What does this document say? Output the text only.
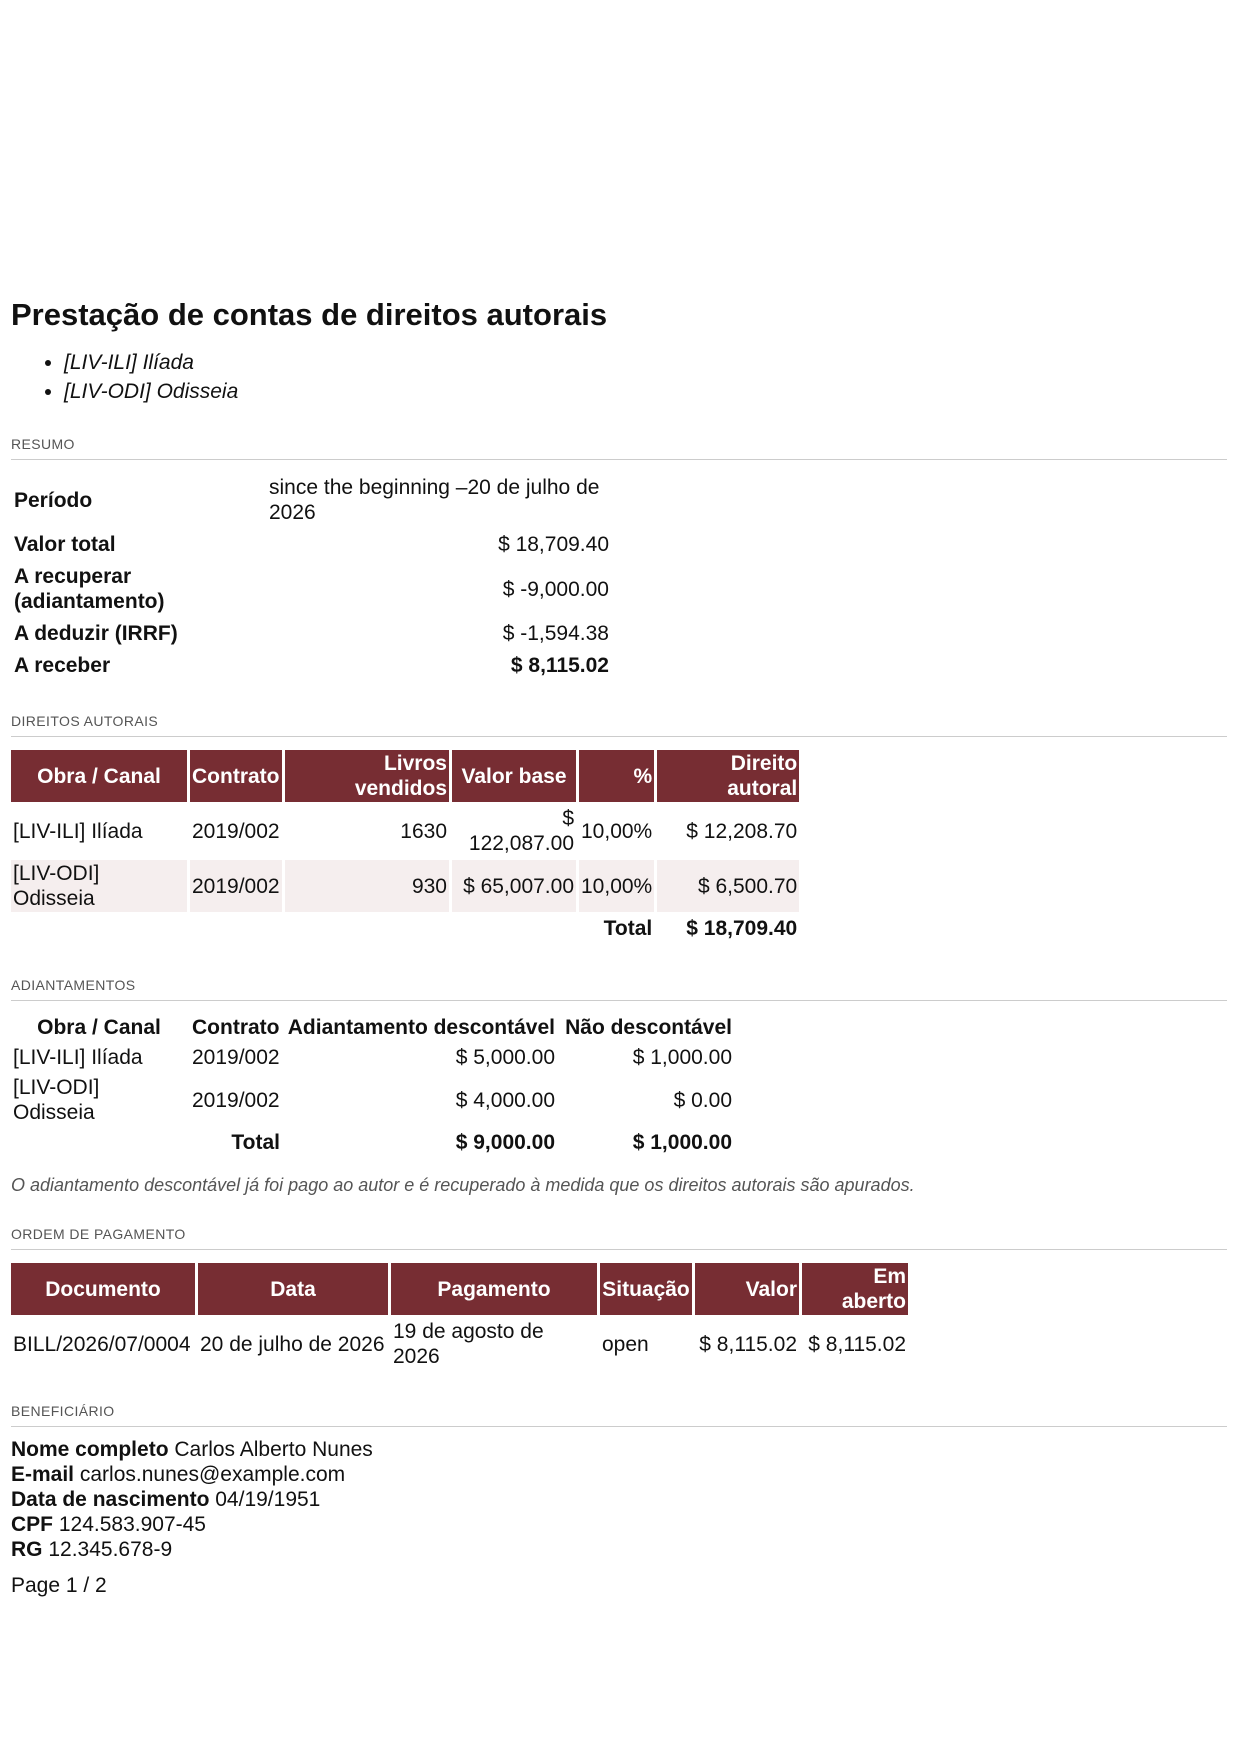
Prestação de contas de direitos autorais
• [LIV-ILI] Ilíada
• [LIV-ODI] Odisseia
RESUMO
Período	since the beginning –20 de julho de 2026
Valor total	$ 18,709.40
A recuperar (adiantamento)	$ -9,000.00
A deduzir (IRRF)	$ -1,594.38
A receber	$ 8,115.02
DIREITOS AUTORAIS
Obra / Canal	Contrato	Livros vendidos	Valor base	%	Direito autoral
[LIV-ILI] Ilíada	2019/002	1630	$ 122,087.00	10,00%	$ 12,208.70
[LIV-ODI] Odisseia	2019/002	930	$ 65,007.00	10,00%	$ 6,500.70
				Total	$ 18,709.40
ADIANTAMENTOS
Obra / Canal	Contrato	Adiantamento descontável	Não descontável
[LIV-ILI] Ilíada	2019/002	$ 5,000.00	$ 1,000.00
[LIV-ODI] Odisseia	2019/002	$ 4,000.00	$ 0.00
	Total	$ 9,000.00	$ 1,000.00
O adiantamento descontável já foi pago ao autor e é recuperado à medida que os direitos autorais são apurados.
ORDEM DE PAGAMENTO
Documento	Data	Pagamento	Situação	Valor	Em aberto
BILL/2026/07/0004	20 de julho de 2026	19 de agosto de 2026	open	$ 8,115.02	$ 8,115.02
BENEFICIÁRIO
Nome completo Carlos Alberto Nunes
E-mail carlos.nunes@example.com
Data de nascimento 04/19/1951
CPF 124.583.907-45
RG 12.345.678-9
Page 1 / 2
